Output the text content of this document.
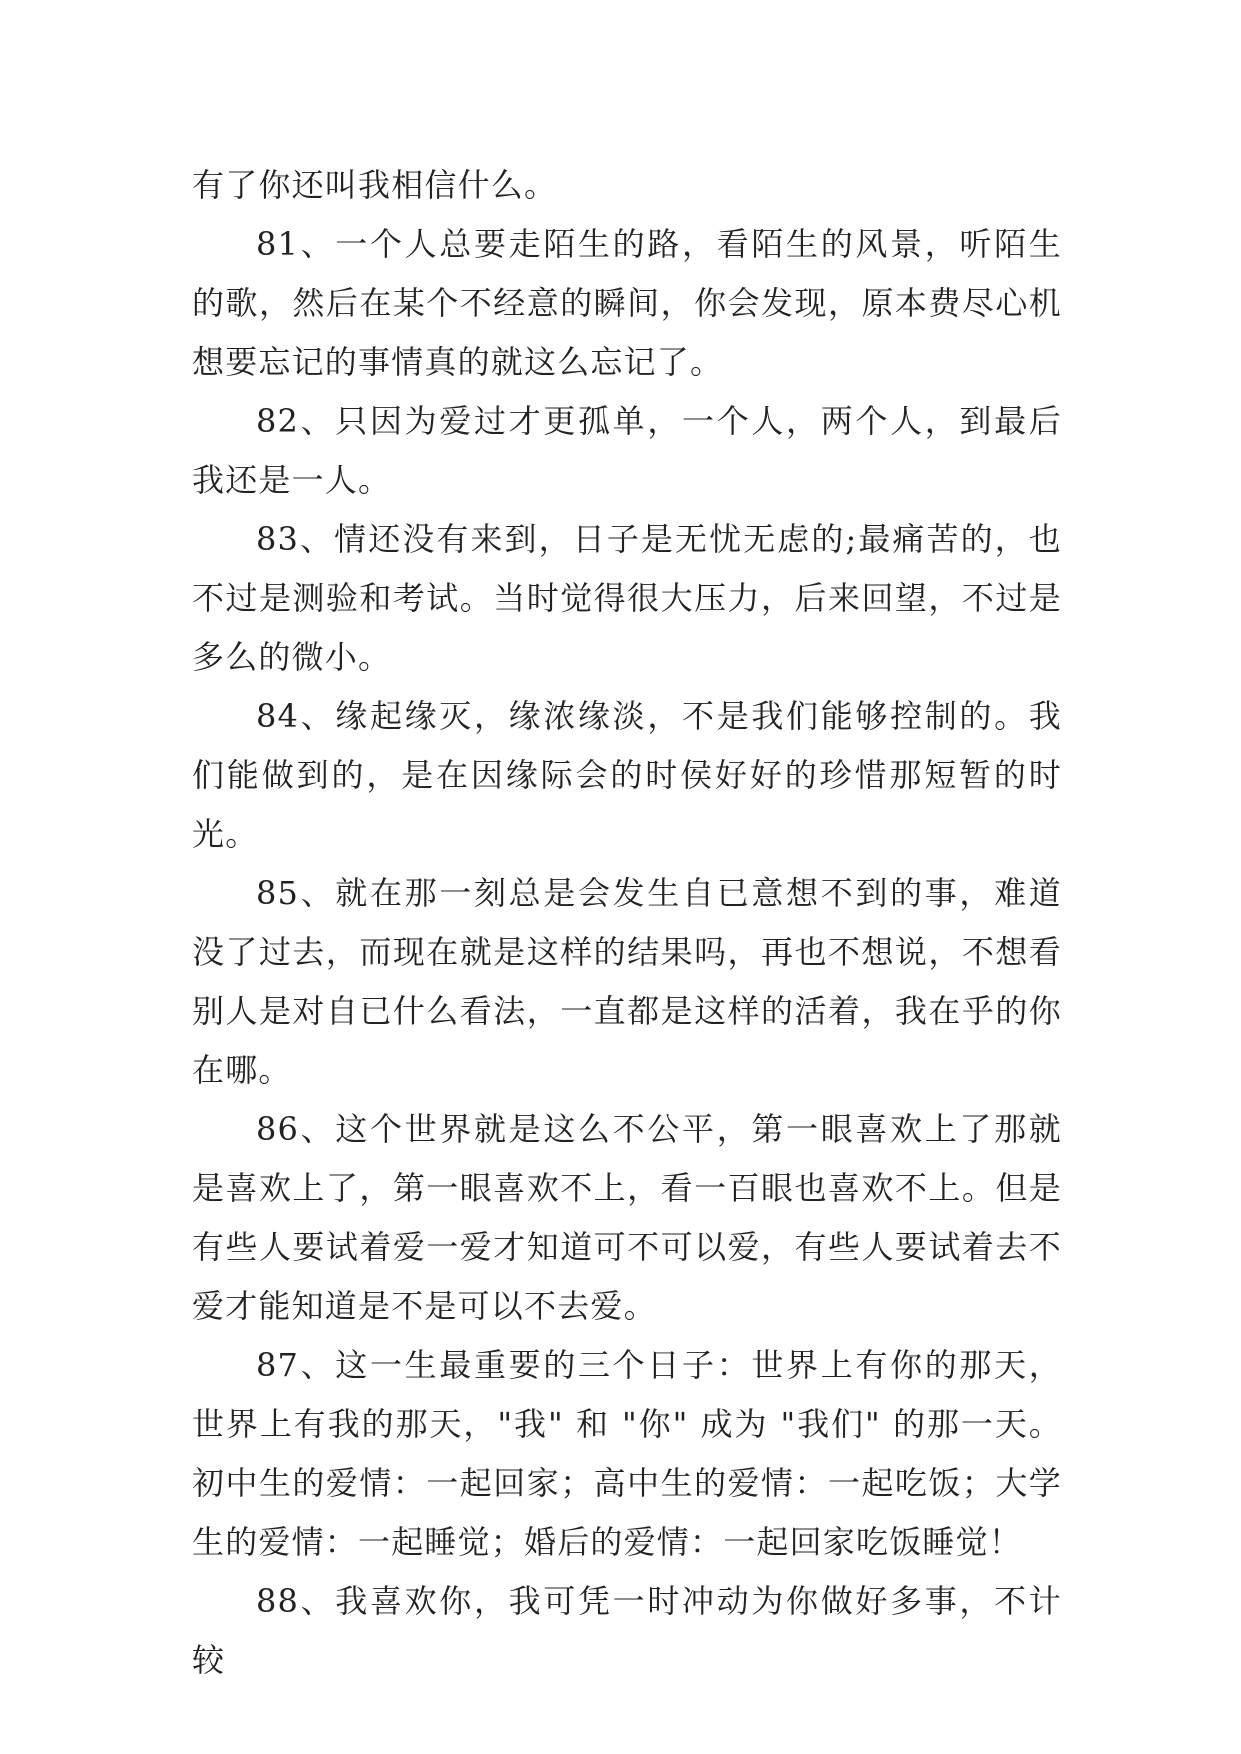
有了你还叫我相信什么。

81、一个人总要走陌生的路，看陌生的风景，听陌生的歌，然后在某个不经意的瞬间，你会发现，原本费尽心机想要忘记的事情真的就这么忘记了。

82、只因为爱过才更孤单，一个人，两个人，到最后我还是一人。

83、情还没有来到，日子是无忧无虑的;最痛苦的，也不过是测验和考试。当时觉得很大压力，后来回望，不过是多么的微小。

84、缘起缘灭，缘浓缘淡，不是我们能够控制的。我们能做到的，是在因缘际会的时侯好好的珍惜那短暂的时光。

85、就在那一刻总是会发生自已意想不到的事，难道没了过去，而现在就是这样的结果吗，再也不想说，不想看别人是对自已什么看法，一直都是这样的活着，我在乎的你在哪。

86、这个世界就是这么不公平，第一眼喜欢上了那就是喜欢上了，第一眼喜欢不上，看一百眼也喜欢不上。但是有些人要试着爱一爱才知道可不可以爱，有些人要试着去不爱才能知道是不是可以不去爱。

87、这一生最重要的三个日子：世界上有你的那天，世界上有我的那天，"我" 和 "你" 成为 "我们" 的那一天。初中生的爱情：一起回家；高中生的爱情：一起吃饭；大学生的爱情：一起睡觉；婚后的爱情：一起回家吃饭睡觉！

88、我喜欢你，我可凭一时冲动为你做好多事，不计较
